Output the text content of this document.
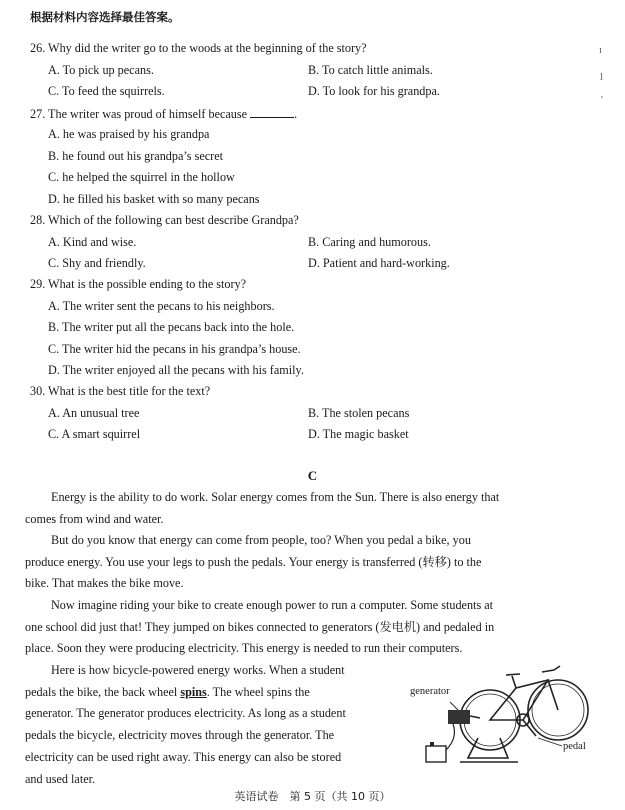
根据材料内容选择最佳答案。
26. Why did the writer go to the woods at the beginning of the story?
A. To pick up pecans.	B. To catch little animals.
C. To feed the squirrels.	D. To look for his grandpa.
27. The writer was proud of himself because	.
A. he was praised by his grandpa
B. he found out his grandpa’s secret
C. he helped the squirrel in the hollow
D. he filled his basket with so many pecans
28. Which of the following can best describe Grandpa?
A. Kind and wise.	B. Caring and humorous.
C. Shy and friendly.	D. Patient and hard-working.
29. What is the possible ending to the story?
A. The writer sent the pecans to his neighbors.
B. The writer put all the pecans back into the hole.
C. The writer hid the pecans in his grandpa’s house.
D. The writer enjoyed all the pecans with his family.
30. What is the best title for the text?
A. An unusual tree	B. The stolen pecans
C. A smart squirrel	D. The magic basket
C
Energy is the ability to do work. Solar energy comes from the Sun. There is also energy that
comes from wind and water.
But do you know that energy can come from people, too? When you pedal a bike, you
produce energy. You use your legs to push the pedals. Your energy is transferred (转移) to the
bike. That makes the bike move.
Now imagine riding your bike to create enough power to run a computer. Some students at
one school did just that! They jumped on bikes connected to generators (发电机) and pedaled in
place. Soon they were producing electricity. This energy is needed to run their computers.
Here is how bicycle-powered energy works. When a student
pedals the bike, the back wheel spins. The wheel spins the
generator. The generator produces electricity. As long as a student
pedals the bicycle, electricity moves through the generator. The
electricity can be used right away. This energy can also be stored
and used later.
generator
pedal
ɪ
l
'
英语试卷　第 5 页（共 10 页）
